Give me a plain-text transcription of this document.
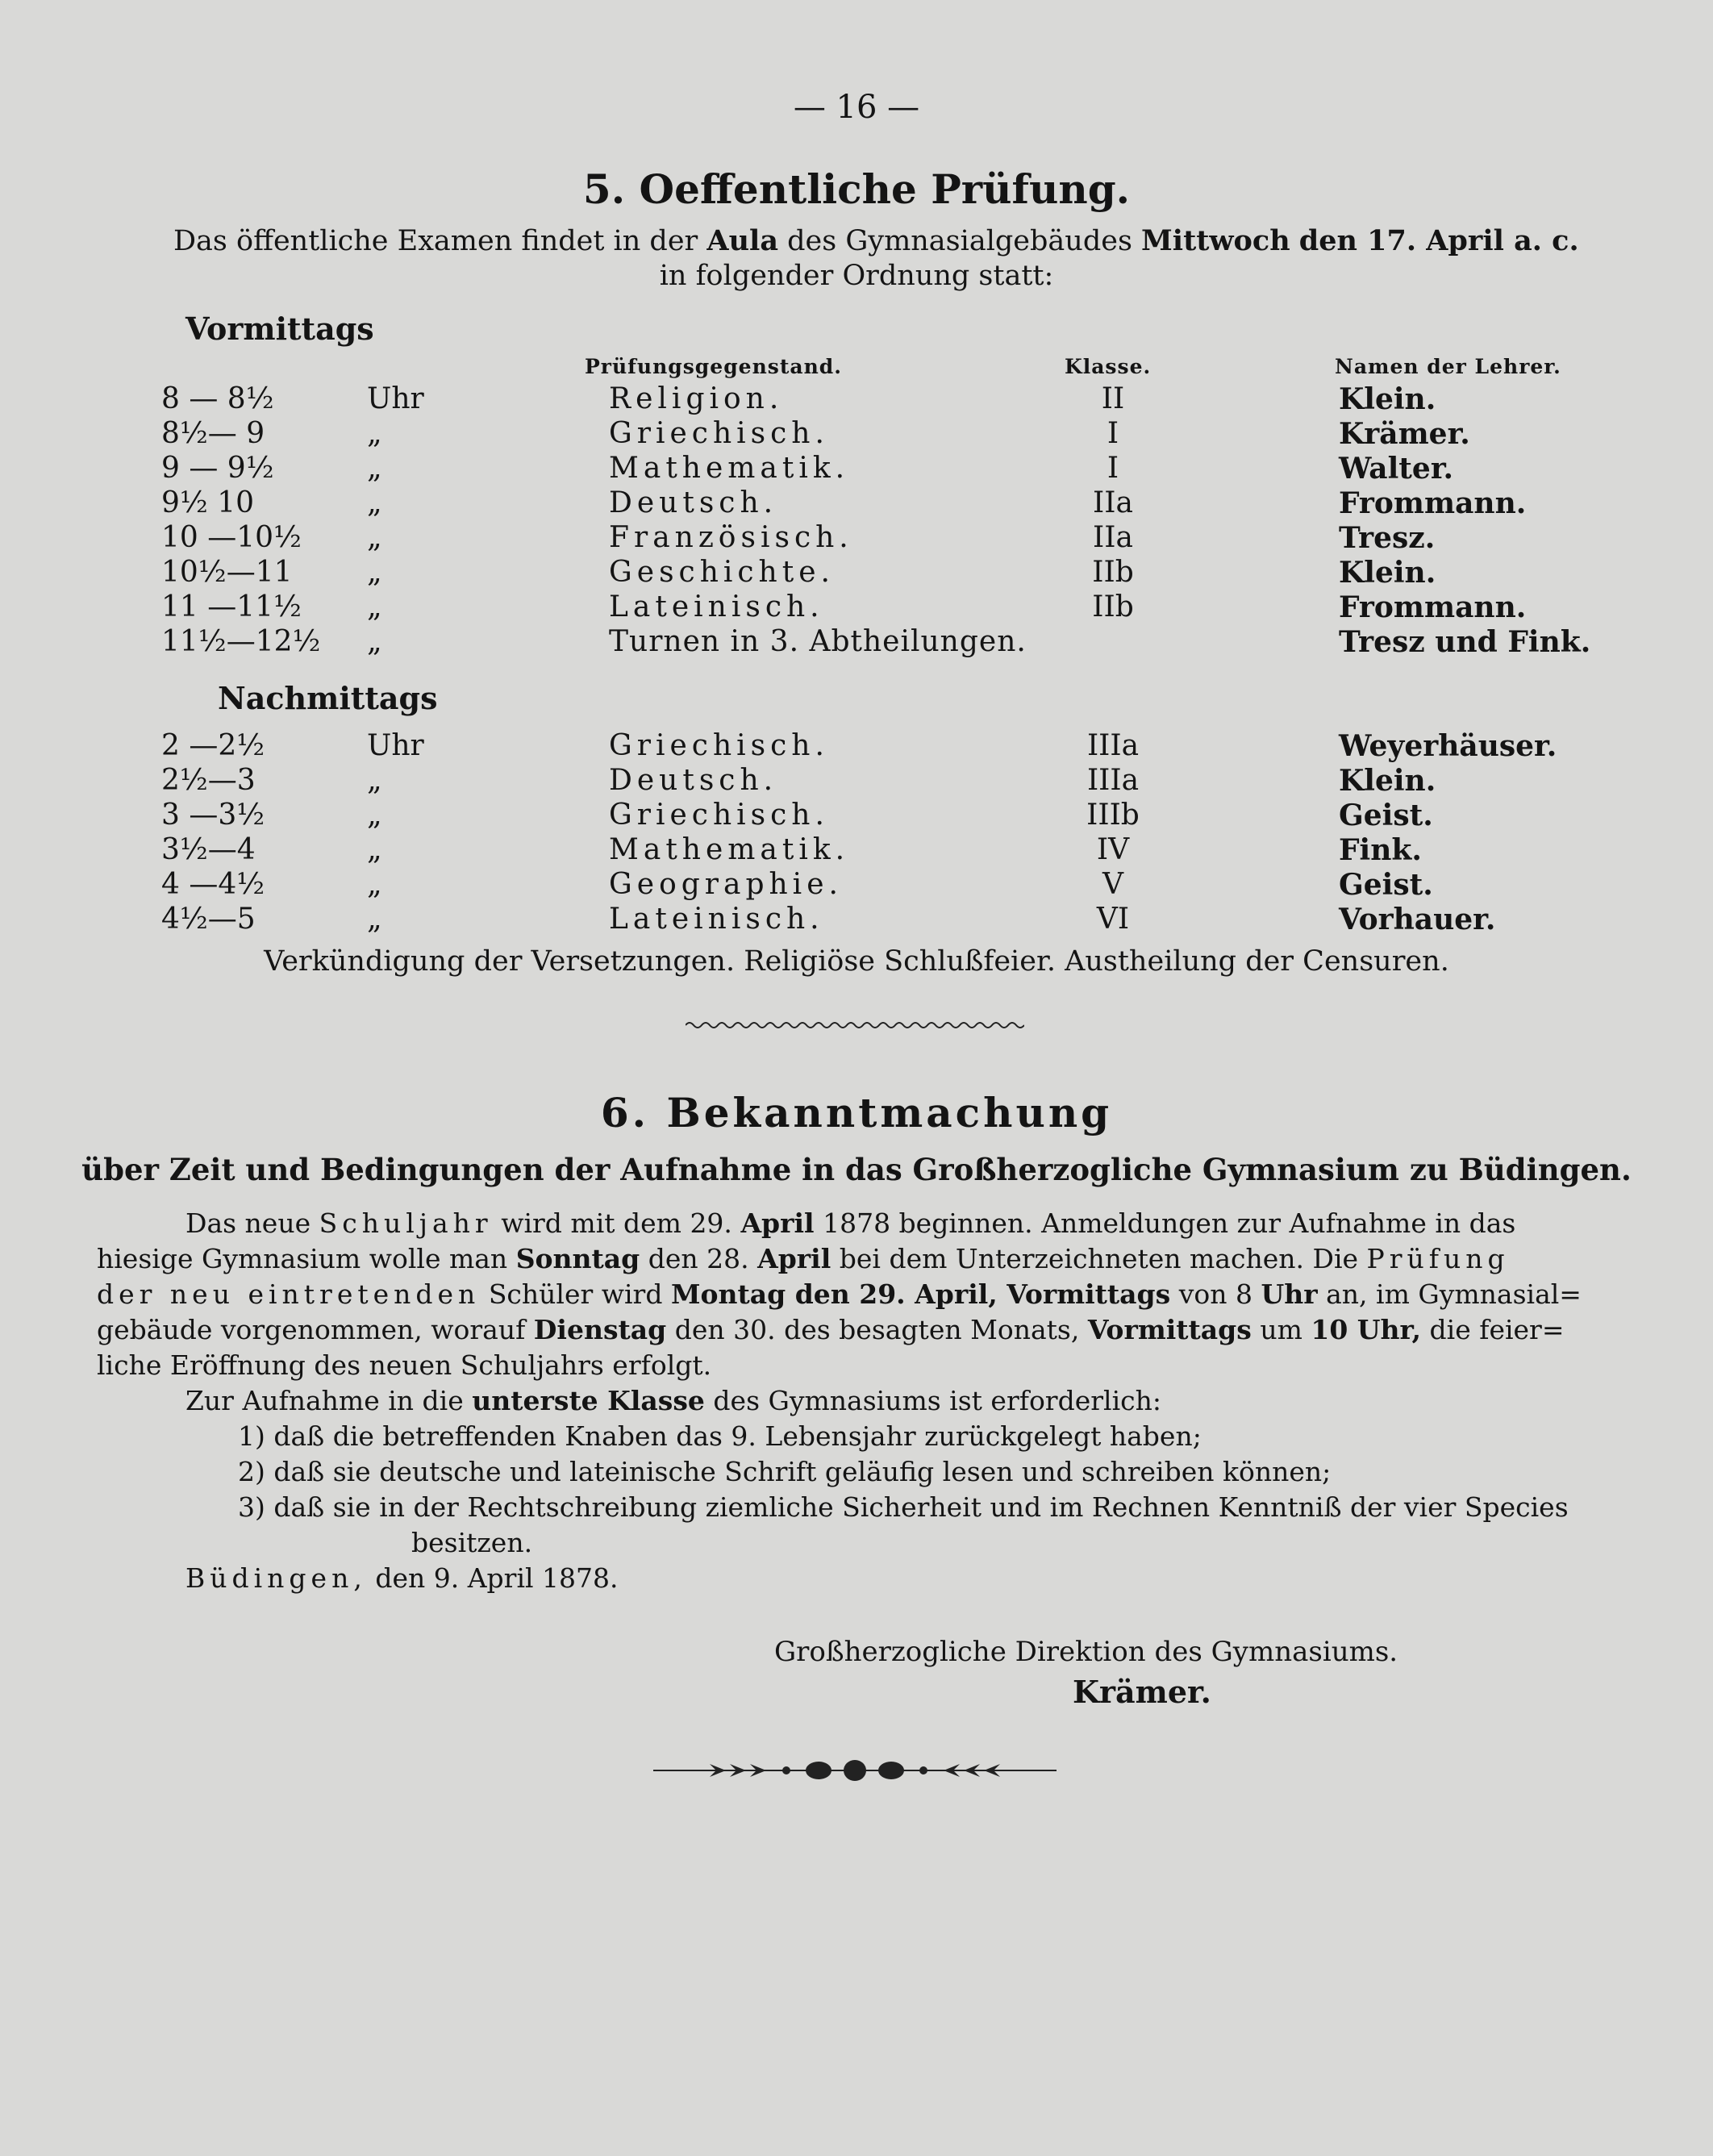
— 16 —
5. Oeffentliche Prüfung.
Das öffentliche Examen findet in der Aula des Gymnasialgebäudes Mittwoch den 17. April a. c.
in folgender Ordnung statt:
Vormittags
Prüfungsgegenstand.	Klasse.	Namen der Lehrer.
8 — 8½	Uhr	Religion.	II	Klein.
8½— 9	„	Griechisch.	I	Krämer.
9 — 9½	„	Mathematik.	I	Walter.
9½ 10	„	Deutsch.	IIa	Frommann.
10 —10½ „	Französisch.	IIa	Tresz.
10½—11	„	Geschichte.	IIb	Klein.
11 —11½ „	Lateinisch.	IIb	Frommann.
11½—12½ „	Turnen in 3. Abtheilungen.	Tresz und Fink.
Nachmittags
2 —2½	Uhr	Griechisch.	IIIa	Weyerhäuser.
2½—3	„	Deutsch.	IIIa	Klein.
3 —3½	„	Griechisch.	IIIb	Geist.
3½—4	„	Mathematik.	IV	Fink.
4 —4½	„	Geographie.	V	Geist.
4½—5	„	Lateinisch.	VI	Vorhauer.
Verkündigung der Versetzungen. Religiöse Schlußfeier. Austheilung der Censuren.
6. Bekanntmachung
über Zeit und Bedingungen der Aufnahme in das Großherzogliche Gymnasium zu Büdingen.
Das neue Schuljahr wird mit dem 29. April 1878 beginnen. Anmeldungen zur Aufnahme in das
hiesige Gymnasium wolle man Sonntag den 28. April bei dem Unterzeichneten machen. Die Prüfung
der neu eintretenden Schüler wird Montag den 29. April, Vormittags von 8 Uhr an, im Gymnasial=
gebäude vorgenommen, worauf Dienstag den 30. des besagten Monats, Vormittags um 10 Uhr, die feier=
liche Eröffnung des neuen Schuljahrs erfolgt.
Zur Aufnahme in die unterste Klasse des Gymnasiums ist erforderlich:
1) daß die betreffenden Knaben das 9. Lebensjahr zurückgelegt haben;
2) daß sie deutsche und lateinische Schrift geläufig lesen und schreiben können;
3) daß sie in der Rechtschreibung ziemliche Sicherheit und im Rechnen Kenntniß der vier Species
besitzen.
Büdingen, den 9. April 1878.
Großherzogliche Direktion des Gymnasiums.
Krämer.
